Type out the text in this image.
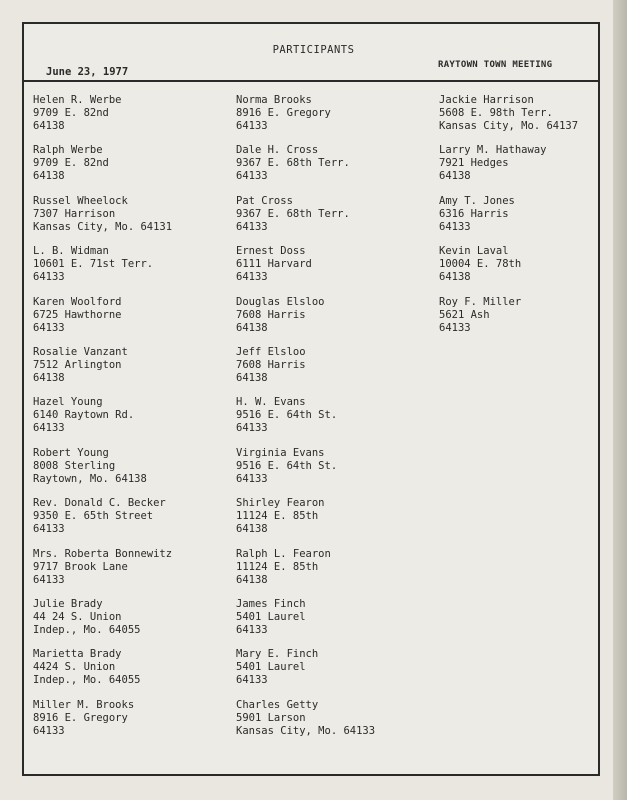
PARTICIPANTS
June 23, 1977
RAYTOWN TOWN MEETING
Helen R. Werbe
9709 E. 82nd
64138
Ralph Werbe
9709 E. 82nd
64138
Russel Wheelock
7307 Harrison
Kansas City, Mo. 64131
L. B. Widman
10601 E. 71st Terr.
64133
Karen Woolford
6725 Hawthorne
64133
Rosalie Vanzant
7512 Arlington
64138
Hazel Young
6140 Raytown Rd.
64133
Robert Young
8008 Sterling
Raytown, Mo. 64138
Rev. Donald C. Becker
9350 E. 65th Street
64133
Mrs. Roberta Bonnewitz
9717 Brook Lane
64133
Julie Brady
44 24 S. Union
Indep., Mo. 64055
Marietta Brady
4424 S. Union
Indep., Mo. 64055
Miller M. Brooks
8916 E. Gregory
64133
Norma Brooks
8916 E. Gregory
64133
Dale H. Cross
9367 E. 68th Terr.
64133
Pat Cross
9367 E. 68th Terr.
64133
Ernest Doss
6111 Harvard
64133
Douglas Elsloo
7608 Harris
64138
Jeff Elsloo
7608 Harris
64138
H. W. Evans
9516 E. 64th St.
64133
Virginia Evans
9516 E. 64th St.
64133
Shirley Fearon
11124 E. 85th
64138
Ralph L. Fearon
11124 E. 85th
64138
James Finch
5401 Laurel
64133
Mary E. Finch
5401 Laurel
64133
Charles Getty
5901 Larson
Kansas City, Mo. 64133
Jackie Harrison
5608 E. 98th Terr.
Kansas City, Mo. 64137
Larry M. Hathaway
7921 Hedges
64138
Amy T. Jones
6316 Harris
64133
Kevin Laval
10004 E. 78th
64138
Roy F. Miller
5621 Ash
64133
